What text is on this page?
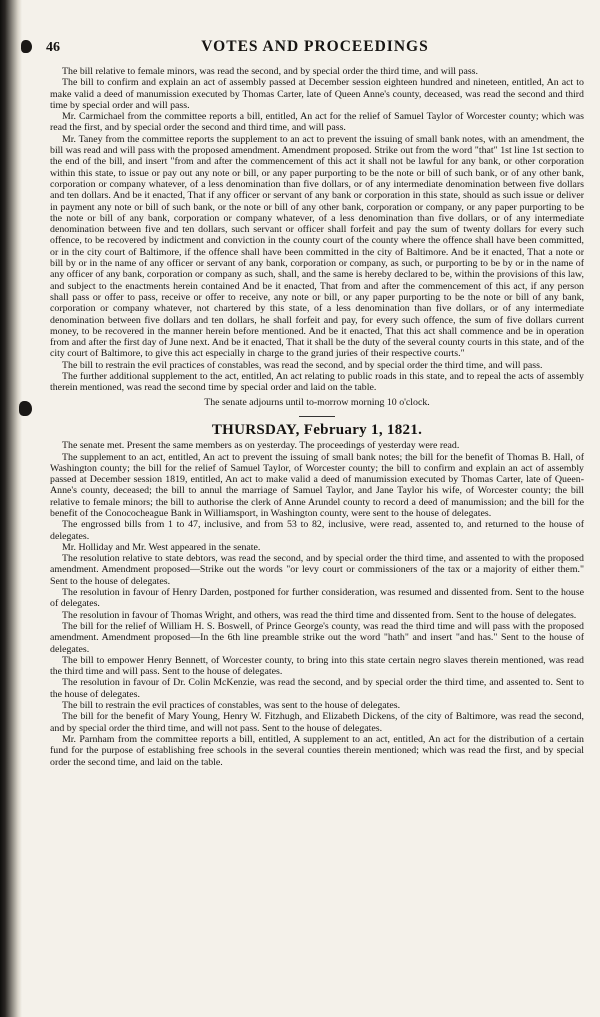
46	VOTES AND PROCEEDINGS

The bill relative to female minors, was read the second, and by special order the third time, and will pass.

The bill to confirm and explain an act of assembly passed at December session eighteen hundred and nineteen, entitled, An act to make valid a deed of manumission executed by Thomas Carter, late of Queen Anne's county, deceased, was read the second and third time by special order and will pass.

Mr. Carmichael from the committee reports a bill, entitled, An act for the relief of Samuel Taylor of Worcester county; which was read the first, and by special order the second and third time, and will pass.

Mr. Taney from the committee reports the supplement to an act to prevent the issuing of small bank notes, with an amendment, the bill was read and will pass with the proposed amendment. Amendment proposed. Strike out from the word "that" 1st line 1st section to the end of the bill, and insert "from and after the commencement of this act it shall not be lawful for any bank, or other corporation within this state, to issue or pay out any note or bill, or any paper purporting to be the note or bill of such bank, or of any other bank, corporation or company whatever, of a less denomination than five dollars, or of any intermediate denomination between five dollars and ten dollars. And be it enacted, That if any officer or servant of any bank or corporation in this state, should as such issue or deliver in payment any note or bill of such bank, or the note or bill of any other bank, corporation or company, or any paper purporting to be the note or bill of any bank, corporation or company whatever, of a less denomination than five dollars, or of any intermediate denomination between five and ten dollars, such servant or officer shall forfeit and pay the sum of twenty dollars for every such offence, to be recovered by indictment and conviction in the county court of the county where the offence shall have been committed, or in the city court of Baltimore, if the offence shall have been committed in the city of Baltimore. And be it enacted, That a note or bill by or in the name of any officer or servant of any bank, corporation or company, as such, or purporting to be by or in the name of any officer of any bank, corporation or company as such, shall, and the same is hereby declared to be, within the provisions of this law, and subject to the enactments herein contained And be it enacted, That from and after the commencement of this act, if any person shall pass or offer to pass, receive or offer to receive, any note or bill, or any paper purporting to be the note or bill of any bank, corporation or company whatever, not chartered by this state, of a less denomination than five dollars, or of any intermediate denomination between five dollars and ten dollars, he shall forfeit and pay, for every such offence, the sum of five dollars current money, to be recovered in the manner herein before mentioned. And be it enacted, That this act shall commence and be in operation from and after the first day of June next. And be it enacted, That it shall be the duty of the several county courts in this state, and of the city court of Baltimore, to give this act especially in charge to the grand juries of their respective courts."

The bill to restrain the evil practices of constables, was read the second, and by special order the third time, and will pass.

The further additional supplement to the act, entitled, An act relating to public roads in this state, and to repeal the acts of assembly therein mentioned, was read the second time by special order and laid on the table.

The senate adjourns until to-morrow morning 10 o'clock.

THURSDAY, February 1, 1821.

The senate met. Present the same members as on yesterday. The proceedings of yesterday were read.

The supplement to an act, entitled, An act to prevent the issuing of small bank notes; the bill for the benefit of Thomas B. Hall, of Washington county; the bill for the relief of Samuel Taylor, of Worcester county; the bill to confirm and explain an act of assembly passed at December session 1819, entitled, An act to make valid a deed of manumission executed by Thomas Carter, late of Queen-Anne's county, deceased; the bill to annul the marriage of Samuel Taylor, and Jane Taylor his wife, of Worcester county; the bill relative to female minors; the bill to authorise the clerk of Anne Arundel county to record a deed of manumission; and the bill for the benefit of the Conococheague Bank in Williamsport, in Washington county, were sent to the house of delegates.

The engrossed bills from 1 to 47, inclusive, and from 53 to 82, inclusive, were read, assented to, and returned to the house of delegates.

Mr. Holliday and Mr. West appeared in the senate.

The resolution relative to state debtors, was read the second, and by special order the third time, and assented to with the proposed amendment. Amendment proposed—Strike out the words "or levy court or commissioners of the tax or a majority of either them." Sent to the house of delegates.

The resolution in favour of Henry Darden, postponed for further consideration, was resumed and dissented from. Sent to the house of delegates.

The resolution in favour of Thomas Wright, and others, was read the third time and dissented from. Sent to the house of delegates.

The bill for the relief of William H. S. Boswell, of Prince George's county, was read the third time and will pass with the proposed amendment. Amendment proposed—In the 6th line preamble strike out the word "hath" and insert "and has." Sent to the house of delegates.

The bill to empower Henry Bennett, of Worcester county, to bring into this state certain negro slaves therein mentioned, was read the third time and will pass. Sent to the house of delegates.

The resolution in favour of Dr. Colin McKenzie, was read the second, and by special order the third time, and assented to. Sent to the house of delegates.

The bill to restrain the evil practices of constables, was sent to the house of delegates.

The bill for the benefit of Mary Young, Henry W. Fitzhugh, and Elizabeth Dickens, of the city of Baltimore, was read the second, and by special order the third time, and will not pass. Sent to the house of delegates.

Mr. Parnham from the committee reports a bill, entitled, A supplement to an act, entitled, An act for the distribution of a certain fund for the purpose of establishing free schools in the several counties therein mentioned; which was read the first, and by special order the second time, and laid on the table.
